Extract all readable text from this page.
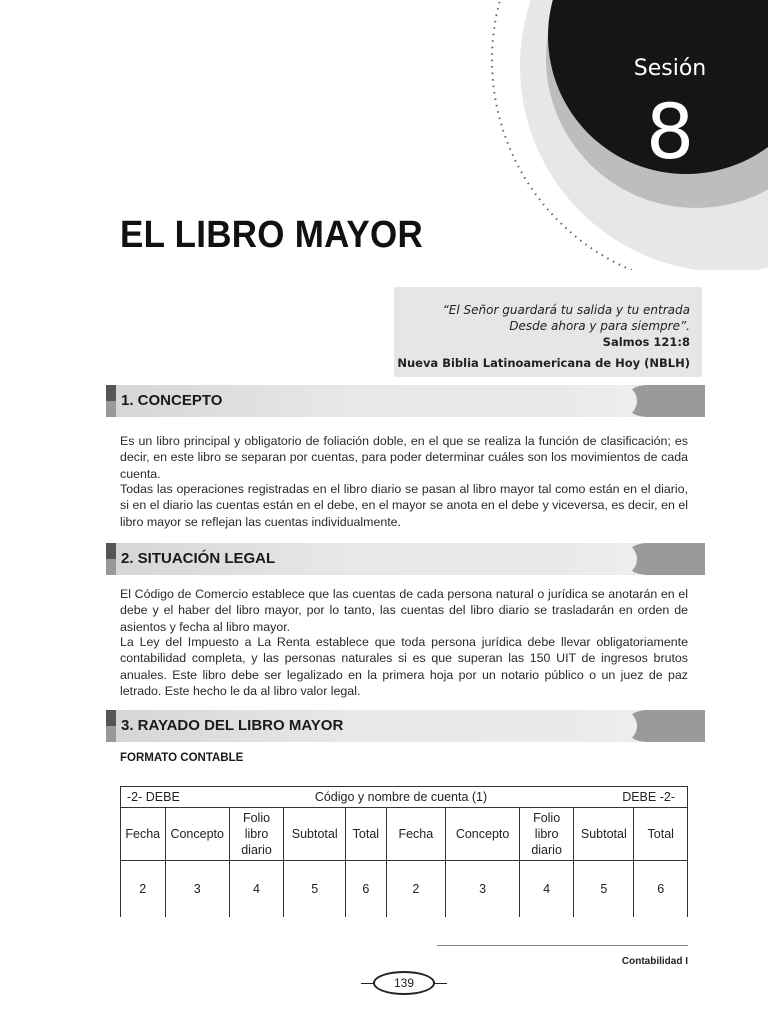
Sesión
8
EL LIBRO MAYOR
“El Señor guardará tu salida y tu entrada
Desde ahora y para siempre”.
Salmos 121:8
Nueva Biblia Latinoamericana de Hoy (NBLH)
1. CONCEPTO
Es un libro principal y obligatorio de foliación doble, en el que se realiza la función de clasificación; es decir, en este libro se separan por cuentas, para poder determinar cuáles son los movimientos de cada cuenta.
Todas las operaciones registradas en el libro diario se pasan al libro mayor tal como están en el diario, si en el diario las cuentas están en el debe, en el mayor se anota en el debe y viceversa, es decir, en el libro mayor se reflejan las cuentas individualmente.
2. SITUACIÓN LEGAL
El Código de Comercio establece que las cuentas de cada persona natural o jurídica se anotarán en el debe y el haber del libro mayor, por lo tanto, las cuentas del libro diario se trasladarán en orden de asientos y fecha al libro mayor.
La Ley del Impuesto a La Renta establece que toda persona jurídica debe llevar obligatoriamente contabilidad completa, y las personas naturales si es que superan las 150 UIT de ingresos brutos anuales. Este libro debe ser legalizado en la primera hoja por un notario público o un juez de paz letrado. Este hecho le da al libro valor legal.
3. RAYADO DEL LIBRO MAYOR
FORMATO CONTABLE
-2- DEBE Código y nombre de cuenta (1) DEBE -2-									

Fecha	Concepto	Folio libro diario	Subtotal	Total	Fecha	Concepto	Folio libro diario	Subtotal	Total
2	3	4	5	6	2	3	4	5	6
Contabilidad I
139
